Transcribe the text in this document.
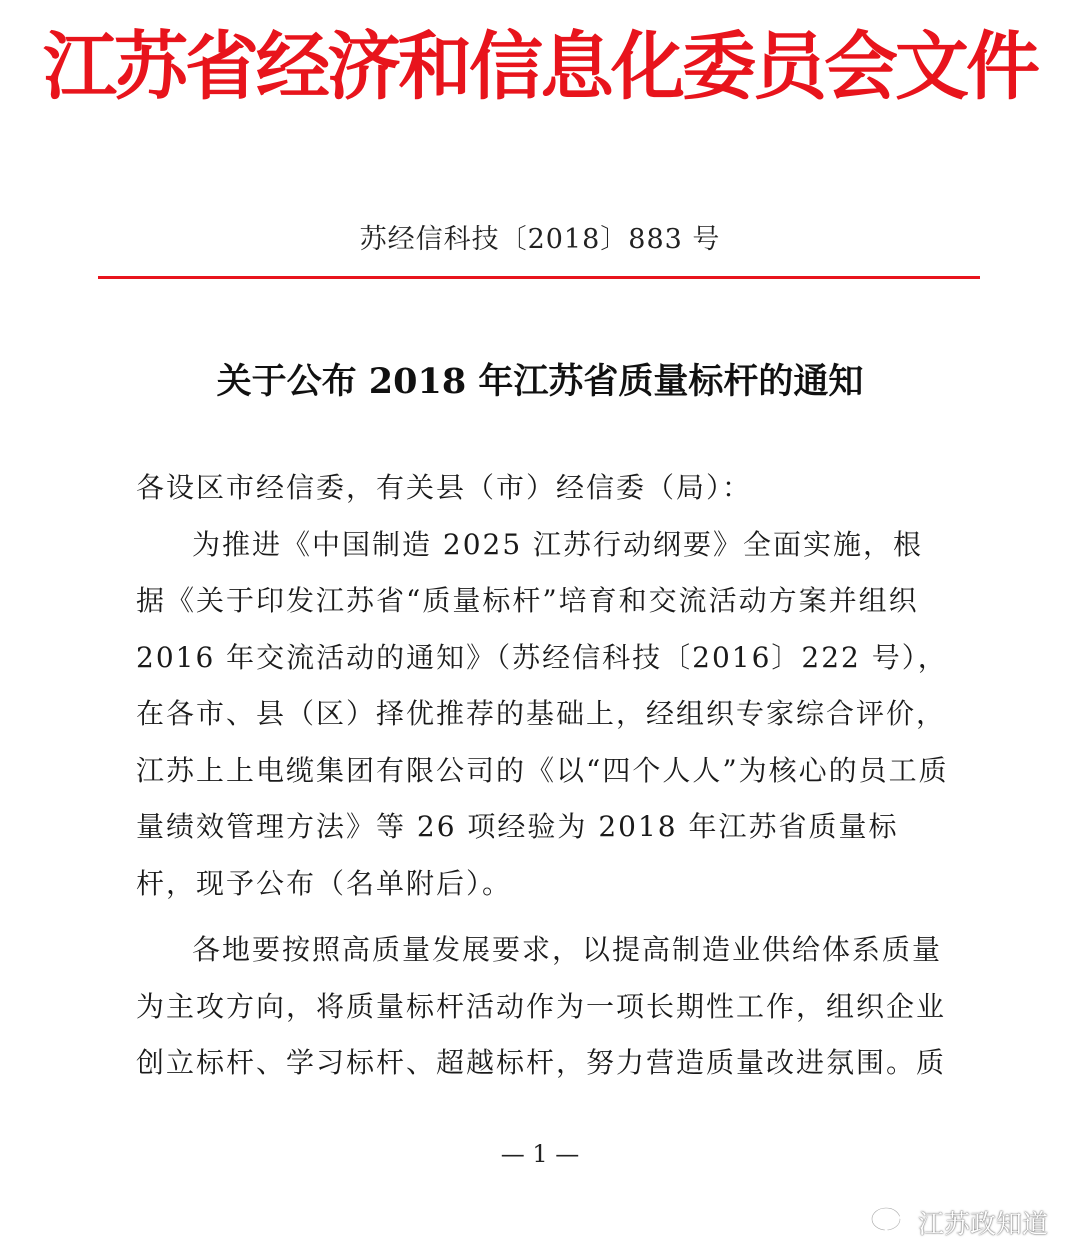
江苏省经济和信息化委员会文件
苏经信科技〔2018〕883 号
关于公布 2018 年江苏省质量标杆的通知

各设区市经信委，有关县（市）经信委（局）：

为推进《中国制造 2025 江苏行动纲要》全面实施，根据《关于印发江苏省“质量标杆”培育和交流活动方案并组织 2016 年交流活动的通知》（苏经信科技〔2016〕222 号），在各市、县（区）择优推荐的基础上，经组织专家综合评价，江苏上上电缆集团有限公司的《以“四个人人”为核心的员工质量绩效管理方法》等 26 项经验为 2018 年江苏省质量标杆，现予公布（名单附后）。

各地要按照高质量发展要求，以提高制造业供给体系质量为主攻方向，将质量标杆活动作为一项长期性工作，组织企业创立标杆、学习标杆、超越标杆，努力营造质量改进氛围。质

— 1 —
江苏政知道
